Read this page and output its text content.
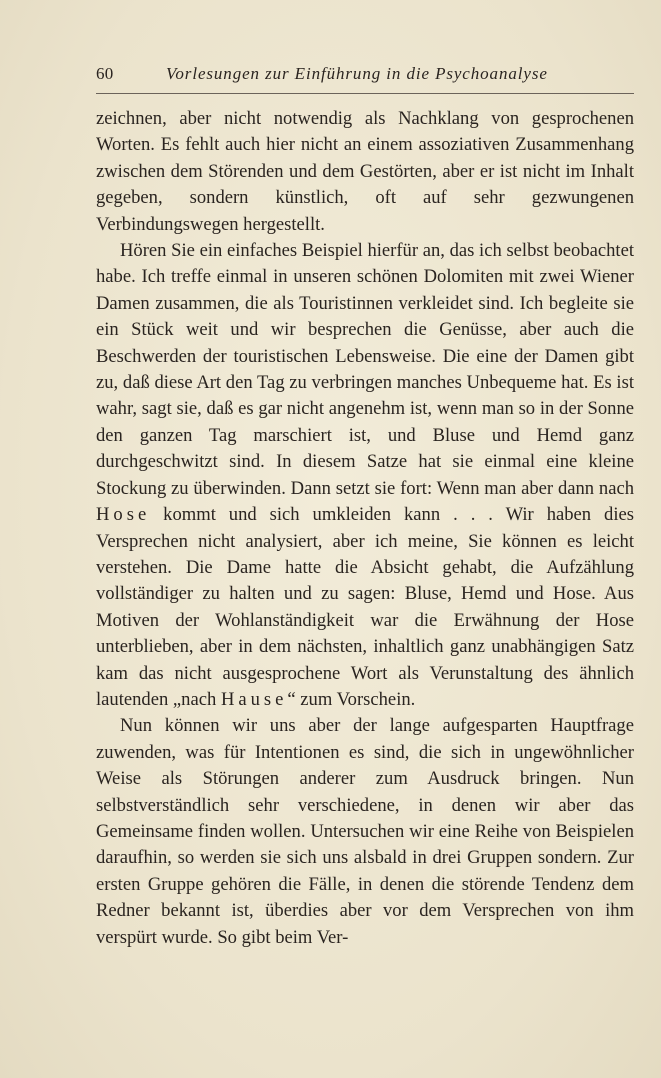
60	Vorlesungen zur Einführung in die Psychoanalyse

zeichnen, aber nicht notwendig als Nachklang von gesprochenen Worten. Es fehlt auch hier nicht an einem assoziativen Zusammenhang zwischen dem Störenden und dem Gestörten, aber er ist nicht im Inhalt gegeben, sondern künstlich, oft auf sehr gezwungenen Verbindungswegen hergestellt.

Hören Sie ein einfaches Beispiel hierfür an, das ich selbst beobachtet habe. Ich treffe einmal in unseren schönen Dolomiten mit zwei Wiener Damen zusammen, die als Touristinnen verkleidet sind. Ich begleite sie ein Stück weit und wir besprechen die Genüsse, aber auch die Beschwerden der touristischen Lebensweise. Die eine der Damen gibt zu, daß diese Art den Tag zu verbringen manches Unbequeme hat. Es ist wahr, sagt sie, daß es gar nicht angenehm ist, wenn man so in der Sonne den ganzen Tag marschiert ist, und Bluse und Hemd ganz durchgeschwitzt sind. In diesem Satze hat sie einmal eine kleine Stockung zu überwinden. Dann setzt sie fort: Wenn man aber dann nach Hose kommt und sich umkleiden kann . . . Wir haben dies Versprechen nicht analysiert, aber ich meine, Sie können es leicht verstehen. Die Dame hatte die Absicht gehabt, die Aufzählung vollständiger zu halten und zu sagen: Bluse, Hemd und Hose. Aus Motiven der Wohlanständigkeit war die Erwähnung der Hose unterblieben, aber in dem nächsten, inhaltlich ganz unabhängigen Satz kam das nicht ausgesprochene Wort als Verunstaltung des ähnlich lautenden „nach Hause“ zum Vorschein.

Nun können wir uns aber der lange aufgesparten Hauptfrage zuwenden, was für Intentionen es sind, die sich in ungewöhnlicher Weise als Störungen anderer zum Ausdruck bringen. Nun selbstverständlich sehr verschiedene, in denen wir aber das Gemeinsame finden wollen. Untersuchen wir eine Reihe von Beispielen daraufhin, so werden sie sich uns alsbald in drei Gruppen sondern. Zur ersten Gruppe gehören die Fälle, in denen die störende Tendenz dem Redner bekannt ist, überdies aber vor dem Versprechen von ihm verspürt wurde. So gibt beim Ver-
